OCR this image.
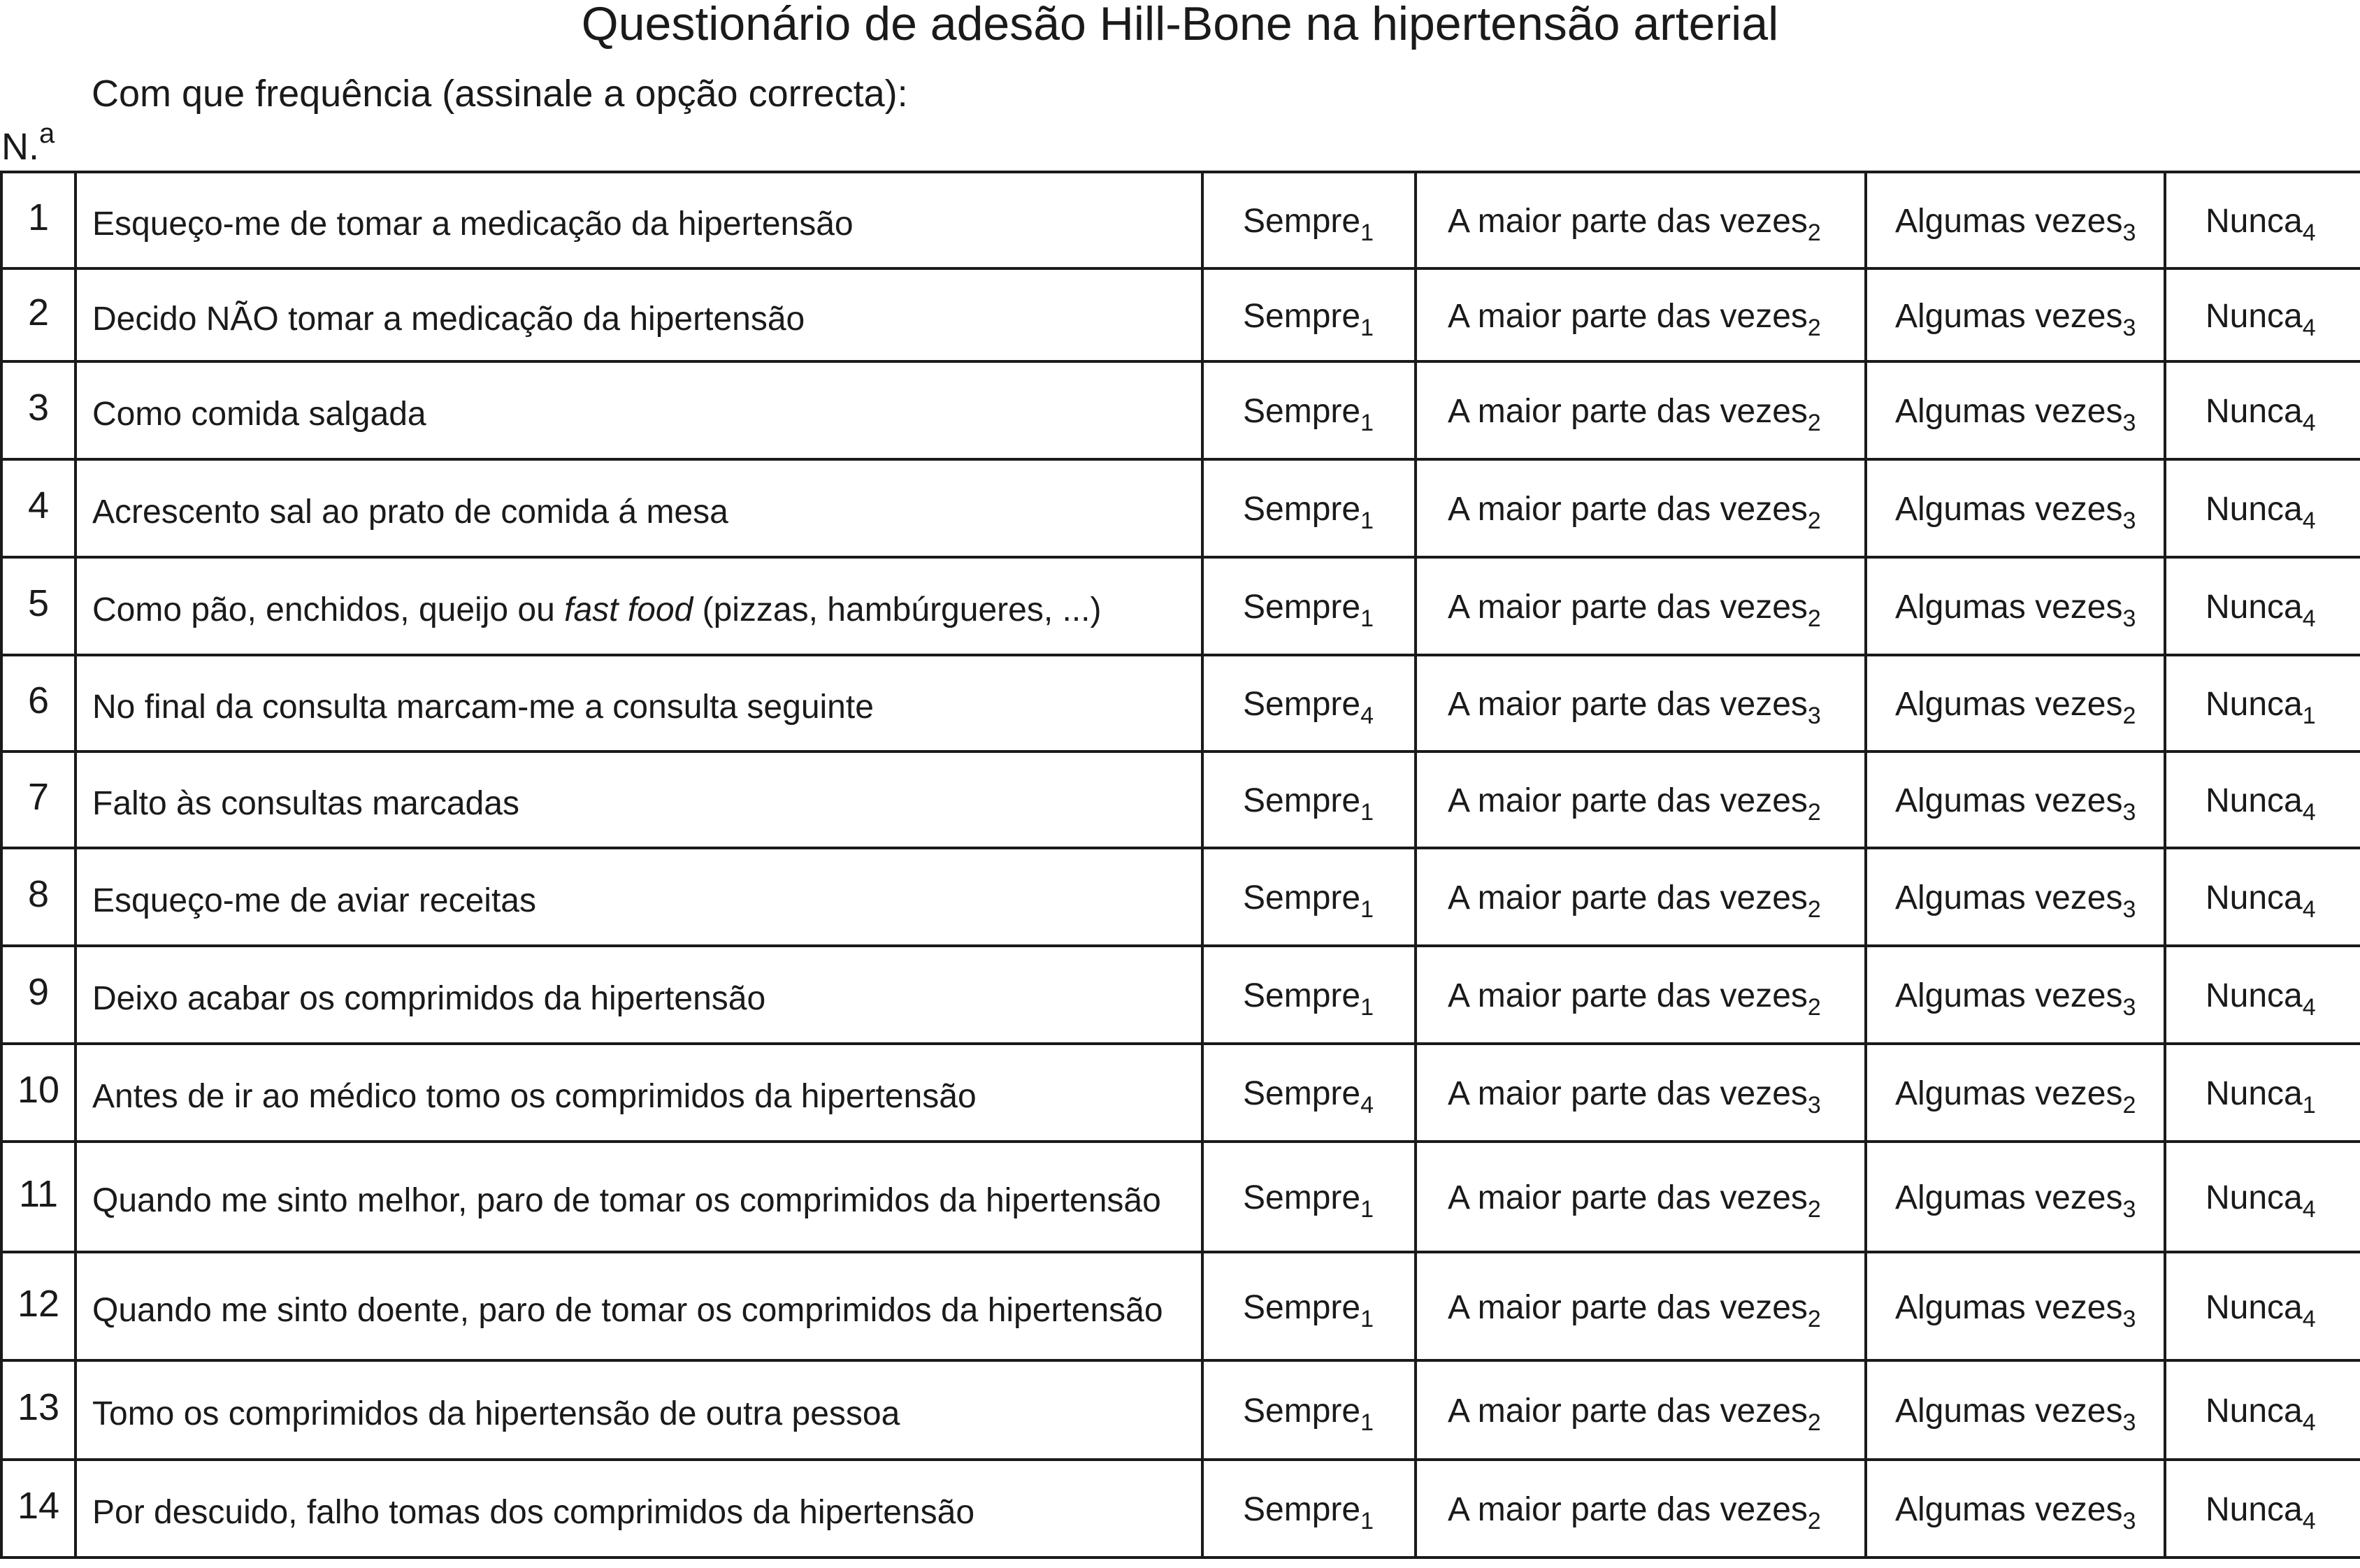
Questionário de adesão Hill-Bone na hipertensão arterial
Com que frequência (assinale a opção correcta):
N.$^a$
1	Esqueço-me de tomar a medicação da hipertensão	Sempre$_1$	A maior parte das vezes$_2$	Algumas vezes$_3$	Nunca$_4$
2	Decido NÃO tomar a medicação da hipertensão	Sempre$_1$	A maior parte das vezes$_2$	Algumas vezes$_3$	Nunca$_4$
3	Como comida salgada	Sempre$_1$	A maior parte das vezes$_2$	Algumas vezes$_3$	Nunca$_4$
4	Acrescento sal ao prato de comida á mesa	Sempre$_1$	A maior parte das vezes$_2$	Algumas vezes$_3$	Nunca$_4$
5	Como pão, enchidos, queijo ou fast food (pizzas, hambúrgueres, ...)	Sempre$_1$	A maior parte das vezes$_2$	Algumas vezes$_3$	Nunca$_4$
6	No final da consulta marcam-me a consulta seguinte	Sempre$_4$	A maior parte das vezes$_3$	Algumas vezes$_2$	Nunca$_1$
7	Falto às consultas marcadas	Sempre$_1$	A maior parte das vezes$_2$	Algumas vezes$_3$	Nunca$_4$
8	Esqueço-me de aviar receitas	Sempre$_1$	A maior parte das vezes$_2$	Algumas vezes$_3$	Nunca$_4$
9	Deixo acabar os comprimidos da hipertensão	Sempre$_1$	A maior parte das vezes$_2$	Algumas vezes$_3$	Nunca$_4$
10	Antes de ir ao médico tomo os comprimidos da hipertensão	Sempre$_4$	A maior parte das vezes$_3$	Algumas vezes$_2$	Nunca$_1$
11	Quando me sinto melhor, paro de tomar os comprimidos da hipertensão	Sempre$_1$	A maior parte das vezes$_2$	Algumas vezes$_3$	Nunca$_4$
12	Quando me sinto doente, paro de tomar os comprimidos da hipertensão	Sempre$_1$	A maior parte das vezes$_2$	Algumas vezes$_3$	Nunca$_4$
13	Tomo os comprimidos da hipertensão de outra pessoa	Sempre$_1$	A maior parte das vezes$_2$	Algumas vezes$_3$	Nunca$_4$
14	Por descuido, falho tomas dos comprimidos da hipertensão	Sempre$_1$	A maior parte das vezes$_2$	Algumas vezes$_3$	Nunca$_4$
